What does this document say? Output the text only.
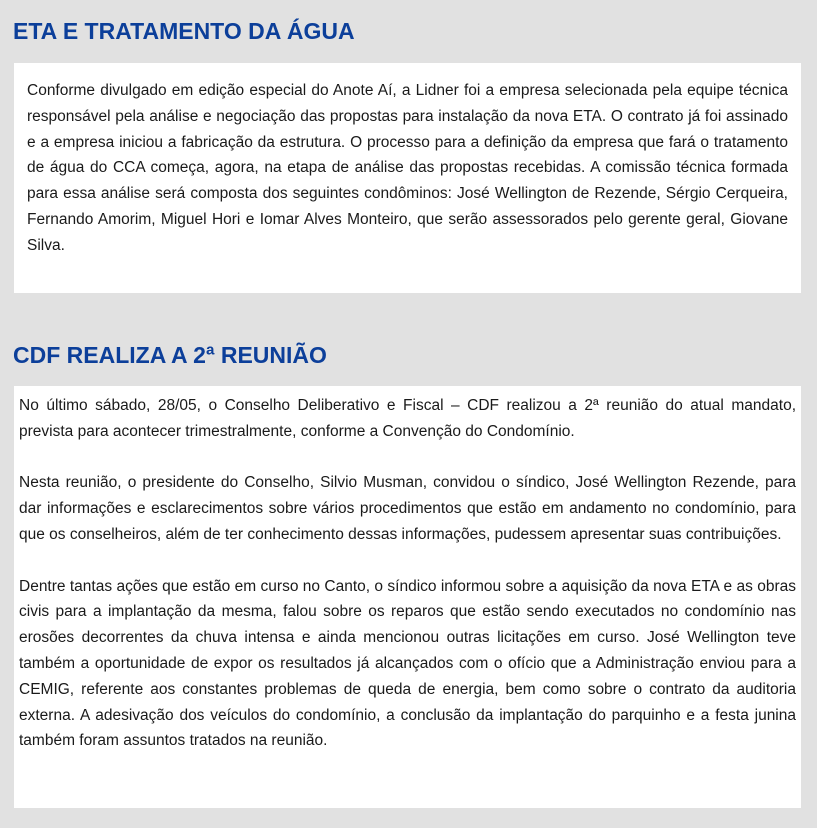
ETA E TRATAMENTO DA ÁGUA

Conforme divulgado em edição especial do Anote Aí, a Lidner foi a empresa selecionada pela equipe técnica responsável pela análise e negociação das propostas para instalação da nova ETA. O contrato já foi assinado e a empresa iniciou a fabricação da estrutura. O processo para a definição da empresa que fará o tratamento de água do CCA começa, agora, na etapa de análise das propostas recebidas. A comissão técnica formada para essa análise será composta dos seguintes condôminos: José Wellington de Rezende, Sérgio Cerqueira, Fernando Amorim, Miguel Hori e Iomar Alves Monteiro, que serão assessorados pelo gerente geral, Giovane Silva.

CDF REALIZA A 2ª REUNIÃO

No último sábado, 28/05, o Conselho Deliberativo e Fiscal – CDF realizou a 2ª reunião do atual mandato, prevista para acontecer trimestralmente, conforme a Convenção do Condomínio.

Nesta reunião, o presidente do Conselho, Silvio Musman, convidou o síndico, José Wellington Rezende, para dar informações e esclarecimentos sobre vários procedimentos que estão em andamento no condomínio, para que os conselheiros, além de ter conhecimento dessas informações, pudessem apresentar suas contribuições.

Dentre tantas ações que estão em curso no Canto, o síndico informou sobre a aquisição da nova ETA e as obras civis para a implantação da mesma, falou sobre os reparos que estão sendo executados no condomínio nas erosões decorrentes da chuva intensa e ainda mencionou outras licitações em curso. José Wellington teve também a oportunidade de expor os resultados já alcançados com o ofício que a Administração enviou para a CEMIG, referente aos constantes problemas de queda de energia, bem como sobre o contrato da auditoria externa. A adesivação dos veículos do condomínio, a conclusão da implantação do parquinho e a festa junina também foram assuntos tratados na reunião.
